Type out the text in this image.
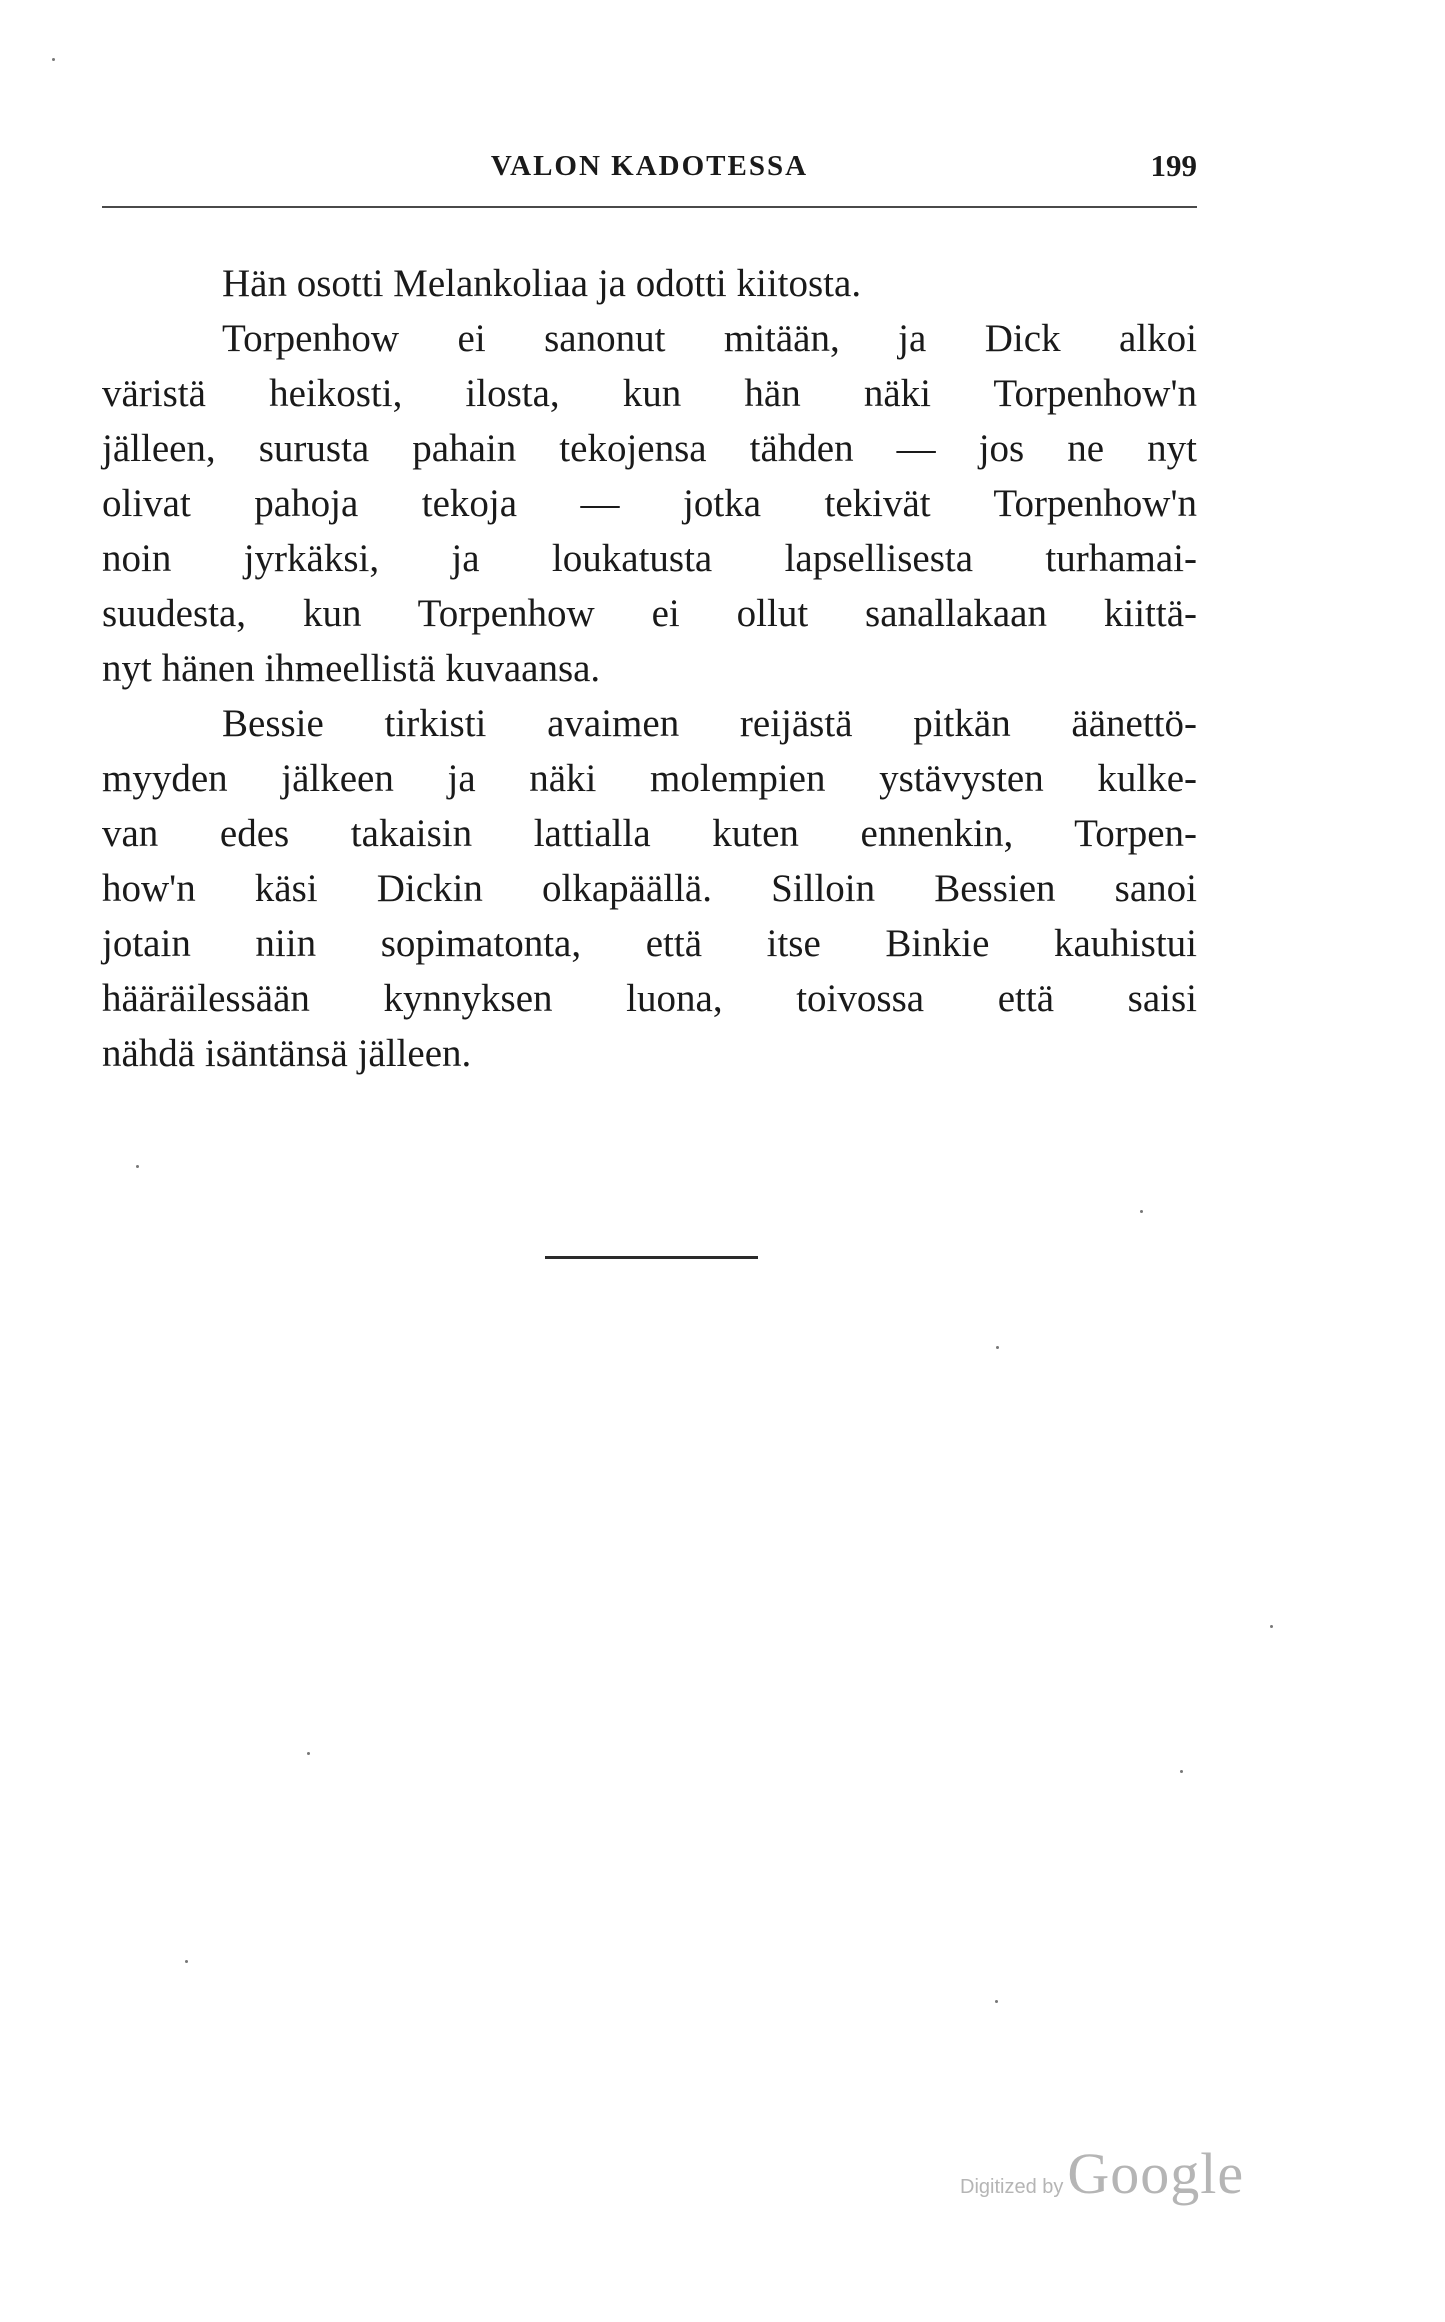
VALON KADOTESSA	199
Hän osotti Melankoliaa ja odotti kiitosta.
Torpenhow ei sanonut mitään, ja Dick alkoi
väristä heikosti, ilosta, kun hän näki Torpenhow'n
jälleen, surusta pahain tekojensa tähden — jos ne nyt
olivat pahoja tekoja — jotka tekivät Torpenhow'n
noin jyrkäksi, ja loukatusta lapsellisesta turhamai-
suudesta, kun Torpenhow ei ollut sanallakaan kiittä-
nyt hänen ihmeellistä kuvaansa.
Bessie tirkisti avaimen reijästä pitkän äänettö-
myyden jälkeen ja näki molempien ystävysten kulke-
van edes takaisin lattialla kuten ennenkin, Torpen-
how'n käsi Dickin olkapäällä. Silloin Bessien sanoi
jotain niin sopimatonta, että itse Binkie kauhistui
hääräilessään kynnyksen luona, toivossa että saisi
nähdä isäntänsä jälleen.
Digitized by Google
